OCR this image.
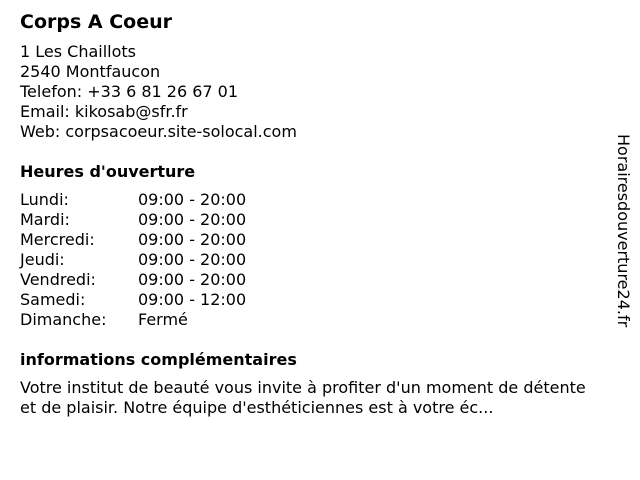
Corps A Coeur
1 Les Chaillots
2540 Montfaucon
Telefon: +33 6 81 26 67 01
Email: kikosab@sfr.fr
Web: corpsacoeur.site-solocal.com
Heures d'ouverture
Lundi:	09:00 - 20:00
Mardi:	09:00 - 20:00
Mercredi:	09:00 - 20:00
Jeudi:	09:00 - 20:00
Vendredi:	09:00 - 20:00
Samedi:	09:00 - 12:00
Dimanche:	Fermé
informations complémentaires
Votre institut de beauté vous invite à profiter d'un moment de détente et de plaisir. Notre équipe d'esthéticiennes est à votre éc...
Horairesdouverture24.fr
